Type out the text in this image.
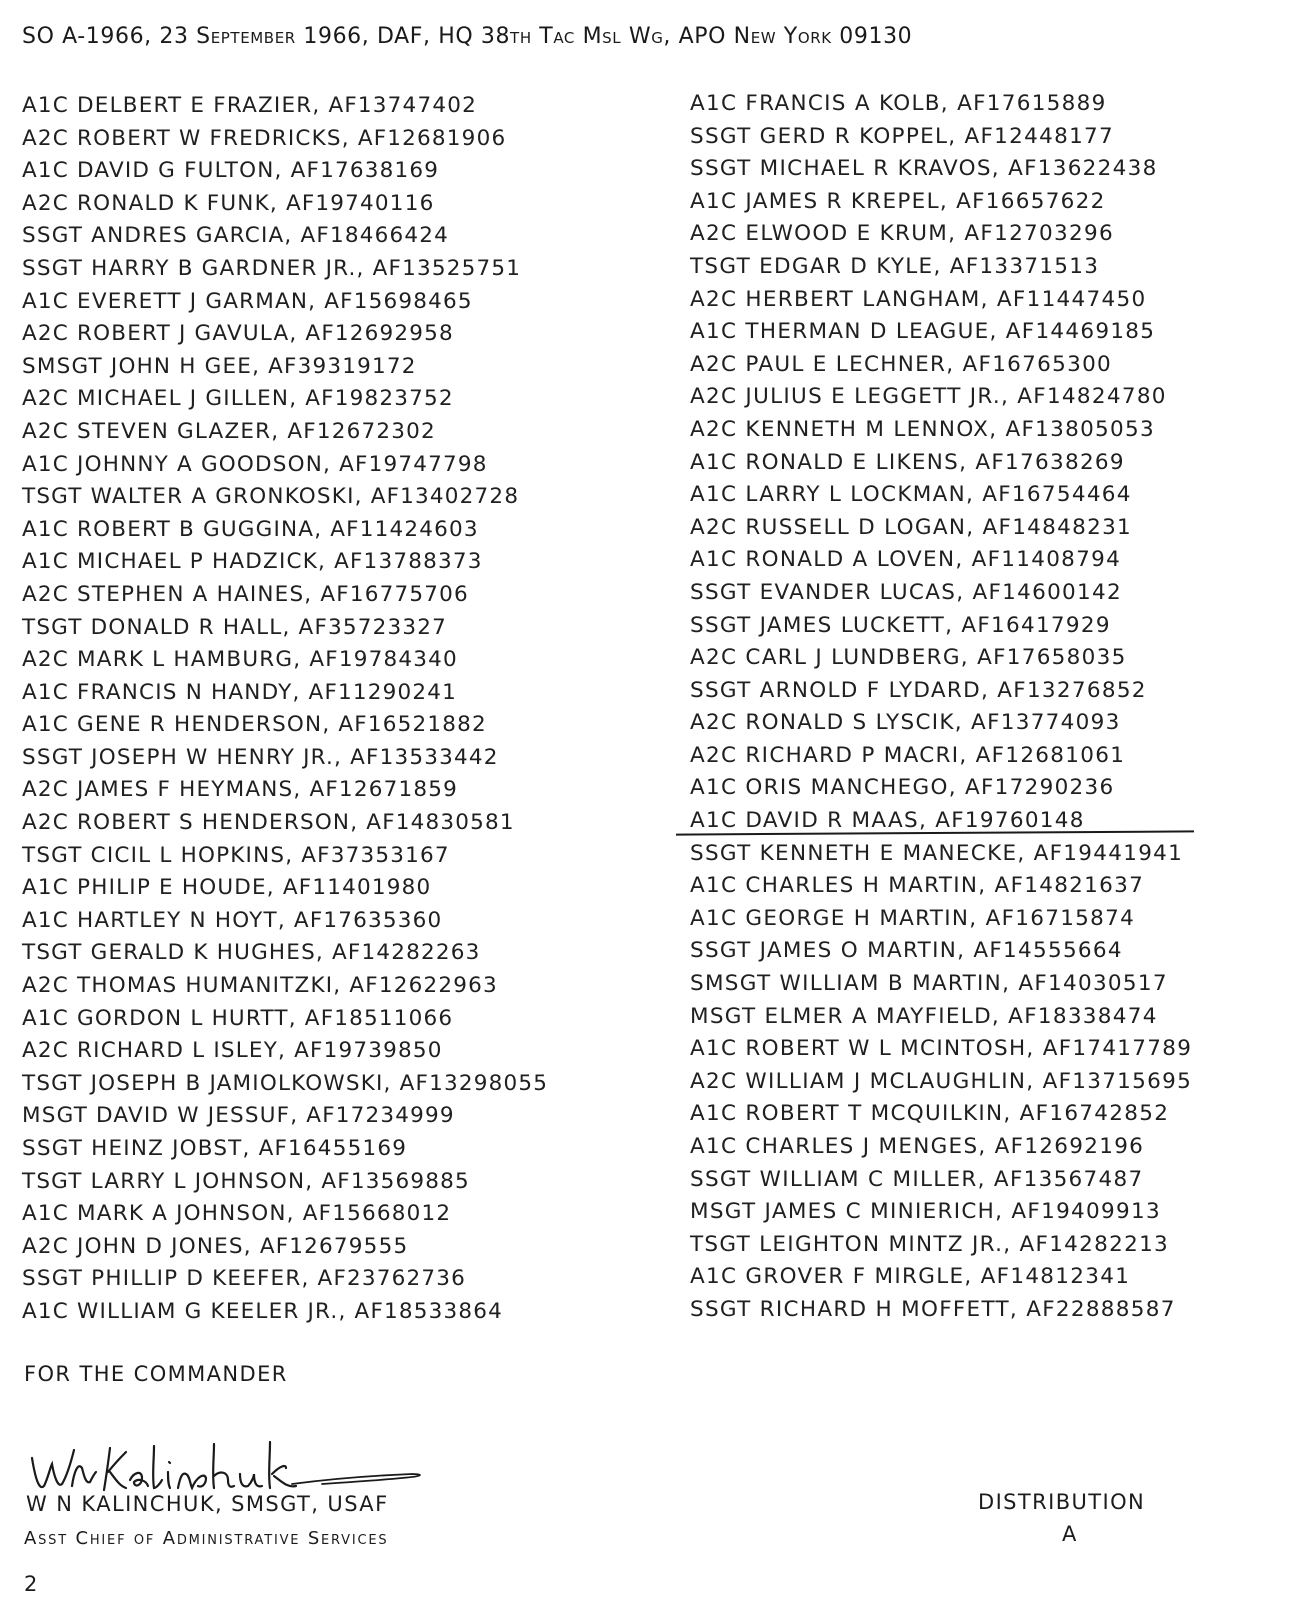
SO A-1966, 23 September 1966, DAF, HQ 38th Tac Msl Wg, APO New York 09130
A1C DELBERT E FRAZIER, AF13747402
A2C ROBERT W FREDRICKS, AF12681906
A1C DAVID G FULTON, AF17638169
A2C RONALD K FUNK, AF19740116
SSGT ANDRES GARCIA, AF18466424
SSGT HARRY B GARDNER JR., AF13525751
A1C EVERETT J GARMAN, AF15698465
A2C ROBERT J GAVULA, AF12692958
SMSGT JOHN H GEE, AF39319172
A2C MICHAEL J GILLEN, AF19823752
A2C STEVEN GLAZER, AF12672302
A1C JOHNNY A GOODSON, AF19747798
TSGT WALTER A GRONKOSKI, AF13402728
A1C ROBERT B GUGGINA, AF11424603
A1C MICHAEL P HADZICK, AF13788373
A2C STEPHEN A HAINES, AF16775706
TSGT DONALD R HALL, AF35723327
A2C MARK L HAMBURG, AF19784340
A1C FRANCIS N HANDY, AF11290241
A1C GENE R HENDERSON, AF16521882
SSGT JOSEPH W HENRY JR., AF13533442
A2C JAMES F HEYMANS, AF12671859
A2C ROBERT S HENDERSON, AF14830581
TSGT CICIL L HOPKINS, AF37353167
A1C PHILIP E HOUDE, AF11401980
A1C HARTLEY N HOYT, AF17635360
TSGT GERALD K HUGHES, AF14282263
A2C THOMAS HUMANITZKI, AF12622963
A1C GORDON L HURTT, AF18511066
A2C RICHARD L ISLEY, AF19739850
TSGT JOSEPH B JAMIOLKOWSKI, AF13298055
MSGT DAVID W JESSUF, AF17234999
SSGT HEINZ JOBST, AF16455169
TSGT LARRY L JOHNSON, AF13569885
A1C MARK A JOHNSON, AF15668012
A2C JOHN D JONES, AF12679555
SSGT PHILLIP D KEEFER, AF23762736
A1C WILLIAM G KEELER JR., AF18533864
A1C FRANCIS A KOLB, AF17615889
SSGT GERD R KOPPEL, AF12448177
SSGT MICHAEL R KRAVOS, AF13622438
A1C JAMES R KREPEL, AF16657622
A2C ELWOOD E KRUM, AF12703296
TSGT EDGAR D KYLE, AF13371513
A2C HERBERT LANGHAM, AF11447450
A1C THERMAN D LEAGUE, AF14469185
A2C PAUL E LECHNER, AF16765300
A2C JULIUS E LEGGETT JR., AF14824780
A2C KENNETH M LENNOX, AF13805053
A1C RONALD E LIKENS, AF17638269
A1C LARRY L LOCKMAN, AF16754464
A2C RUSSELL D LOGAN, AF14848231
A1C RONALD A LOVEN, AF11408794
SSGT EVANDER LUCAS, AF14600142
SSGT JAMES LUCKETT, AF16417929
A2C CARL J LUNDBERG, AF17658035
SSGT ARNOLD F LYDARD, AF13276852
A2C RONALD S LYSCIK, AF13774093
A2C RICHARD P MACRI, AF12681061
A1C ORIS MANCHEGO, AF17290236
A1C DAVID R MAAS, AF19760148
SSGT KENNETH E MANECKE, AF19441941
A1C CHARLES H MARTIN, AF14821637
A1C GEORGE H MARTIN, AF16715874
SSGT JAMES O MARTIN, AF14555664
SMSGT WILLIAM B MARTIN, AF14030517
MSGT ELMER A MAYFIELD, AF18338474
A1C ROBERT W L MCINTOSH, AF17417789
A2C WILLIAM J MCLAUGHLIN, AF13715695
A1C ROBERT T MCQUILKIN, AF16742852
A1C CHARLES J MENGES, AF12692196
SSGT WILLIAM C MILLER, AF13567487
MSGT JAMES C MINIERICH, AF19409913
TSGT LEIGHTON MINTZ JR., AF14282213
A1C GROVER F MIRGLE, AF14812341
SSGT RICHARD H MOFFETT, AF22888587
FOR THE COMMANDER
W N KALINCHUK, SMSGT, USAF
Asst Chief of Administrative Services
DISTRIBUTION
A
2
